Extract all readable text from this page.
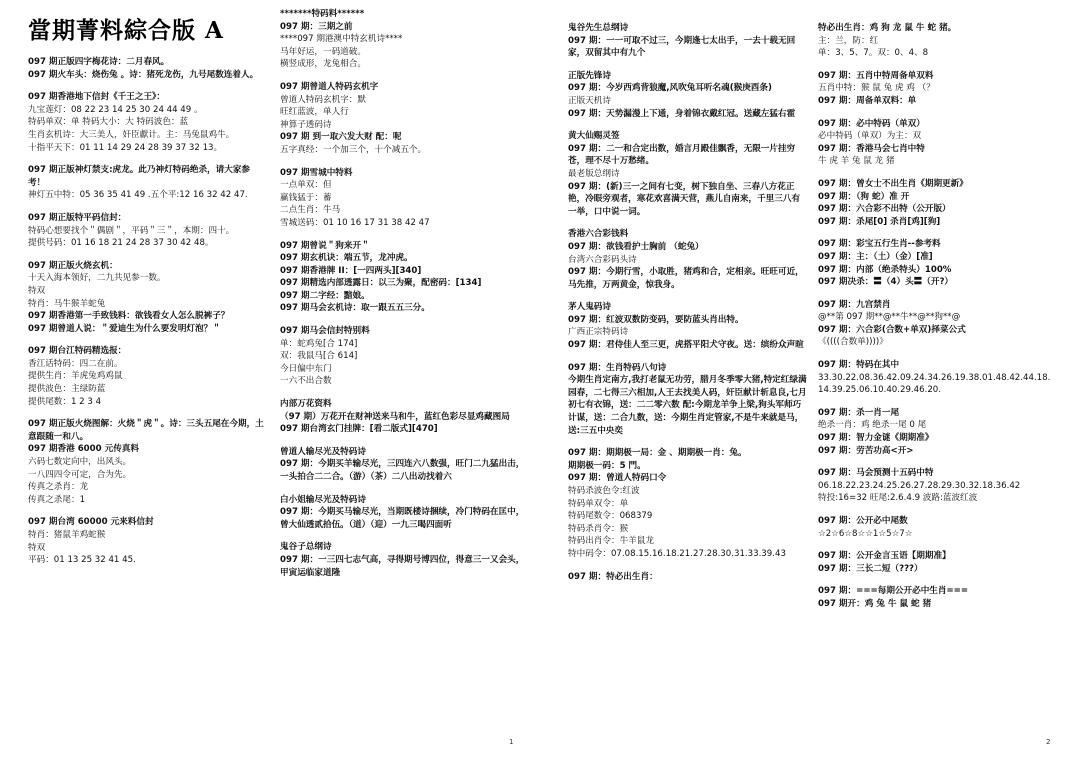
當期菁料綜合版 A
097 期正版四字梅花诗：二月春风。
097 期火车头：烧伤兔 。诗：猪死龙伤，九号尾数连着人。
097 期香港地下信封《千王之王》：
九宝莲灯：08 22 23 14 25 30 24 44 49 。
特码单双：单 特码大小：大 特码波色：蓝
生肖玄机诗：大三美人，奸臣獻计。主：马兔鼠鸡牛。
十指平天下：01 11 14 29 24 28 39 37 32 13。
097 期正版神灯禁支:虎龙。此乃神灯特码绝杀，请大家参考！
神灯五中特：05 36 35 41 49 .五个平:12 16 32 42 47.
097 期正版特平码信封：
特码心想要找个＂偶剧＂，平码＂三＂，本期：四十。
提供号码：01 16 18 21 24 28 37 30 42 48。
097 期正版火烧玄机：
十天入海本领好，二九共见参一数。
特双
特肖：马牛猴羊蛇兔
097 期香港第一手致钱料：欲钱看女人怎么脱裤子？
097 期曾道人说：＂爱迪生为什么要发明灯泡？＂
097 期台江特码精选报：
香江话特码：四二在前。
提供生肖：羊虎兔鸡鸡鼠
提供波色：主绿防蓝
提供尾数：1 2 3 4
097 期正版火烧图解：火烧＂虎＂。诗：三头五尾在今期，土意跟随一和八。
097 期香港 6000 元传真料
六码七数定向中，出风头。
一八四四令可定，合为先。
传真之杀肖：龙
传真之杀尾：1
097 期台湾 60000 元来料信封
特肖：猪鼠羊鸡蛇猴
特双
平码：01 13 25 32 41 45.
*******特码料******
097 期：三期之前
****097 期港澳中特玄机诗****
马年好运，一码道破。
横竖成形，龙兔相合。
097 期曾道人特码玄机字
曾道人特码玄机字：默
旺红蓝波，单人行
神算子透码诗
097 期 到一取六发大财 配：呢
五字真经：一个加三个，十个减五个。
097 期雪城中特料
一点单双：但
赢钱猛于：蓄
二点生肖：牛马
雪城送码：01 10 16 17 31 38 42 47
097 期曾说＂狗来开＂
097 期玄机诀：端五节，龙冲虎。
097 期香港牌 II：[一四两头][340]
097 期精选内部透露日：以三为聚，配密码：[134]
097 期二字经：黯娘。
097 期马会玄机诗：取一跟五五三分。
097 期马会信封特别料
单：蛇鸡兔[合 174]
双：我鼠马[合 614]
今日偏中东门
一六不出合数
内部万花资料
（97 期）万花开在财神送来马和牛，蓝红色彩尽显鸡藏图局
097 期台湾玄门挂牌：[看二版式][470]
曾道人输尽光及特码诗
097 期：今期买羊输尽光，三四连六八数强，旺门二九猛出击，一头拍合二二合。（游）（茶）二八出动找着六
白小姐输尽光及特码诗
097 期：今期买马输尽光，当期既楼诗捆续，冷门特码在匡中，曾大仙透贰拾伍。（道）（迎）一九三喝四面听
鬼谷子总纲诗
097 期：一三四七志气高，寻得期号博四位，得意三一又会头，甲寅运临家道隆
鬼谷先生总纲诗
097 期：一一可取不过三，今期逢七太出手，一去十载无回家，双留其中有九个
正版先锋诗
097 期：今岁西鸡背狼魔,风吹兔耳听名魂(猴庚酉条)
正版天机诗
097 期：天势漏漫上下通，身着锦衣戴红冠。送藏左猛右霍
黄大仙赐灵签
097 期：二一和合定出数，婚言月殿佳飘香，无限一片挂穷苍，理不尽十万愁绪。
最老版总纲诗
097 期：(新)三一之间有七变，树下独自坐、三春八方花正艳，冷眼旁观者，寒花欢喜满天营，燕儿自南来，千里三八有一举，口中说一词。
香港六合彩钱料
097 期：欲钱看护士胸前 （蛇兔）
台湾六合彩码头诗
097 期：今期行雪，小取胜，猪鸡和合，定相亲。旺旺可近，马先推，万两黄金，惊我身。
茅人鬼码诗
097 期：红波双数防变码，要防蓝头肖出特。
广西正宗特码诗
097 期：君侍佳人至三更，虎搭平阳犬守夜。送：缤纷众声暄
097 期：生肖特码八句诗
今期生肖定南方,我打老鼠无功劳，腊月冬季零大猪,特定红绿满园春，二七得三六相加,人王去找美人码，奸臣献计斩息良,七月初七有衣锦，送：二二零六数 配:今期龙羊争上梁,狗头军师巧计谋，送：二合九数，送：今期生肖定管家,不是牛来就是马，送:三五中央奕
097 期：期期极一局：金 、期期极一肖：兔。
期期极一码：5 門。
097 期：曾道人特码口令
特码杀波色令:红波
特码单双令：单
特码尾数令：068379
特码杀肖令：猴
特码出肖令：牛羊鼠龙
特中码令：07.08.15.16.18.21.27.28.30.31.33.39.43
097 期：特必出生肖：
特必出生肖：鸡 狗 龙 鼠 牛 蛇 猪。
主：兰，防：红
单：3、5、7。双：0、4、8
097 期：五肖中特周备单双料
五肖中特：猴 鼠 兔 虎 鸡 （？
097 期：周备单双料：单
097 期：必中特码（单双）
必中特码（单双）为主：双
097 期：香港马会七肖中特
牛 虎 羊 兔 鼠 龙 猪
097 期：曾女士不出生肖《期期更新》
097 期：（狗 蛇）准 开
097 期：六合彩不出特（公开版）
097 期：杀尾[0] 杀肖[鸡][狗]
097 期：彩宝五行生肖--参考料
097 期：主：（土）（金）[准]
097 期：内部（绝杀特头）100%
097 期决杀：〓（4）头〓（开?）
097 期：九宫禁肖
@**第 097 期**@**牛**@**狗**@
097 期：六合彩(合数+单双)择菜公式
《((((合数单))))》
097 期：特码在其中
33.30.22.08.36.42.09.24.34.26.19.38.01.48.42.44.18.14.39.25.06.10.40.29.46.20.
097 期：杀一肖一尾
绝杀一肖：鸡 绝杀一尾 0 尾
097 期：智力金谜《期期准》
097 期：劳苦功高<开>
097 期：马会预测十五码中特
06.18.22.23.24.25.26.27.28.29.30.32.18.36.42
特投:16=32 旺尾:2.6.4.9 波路:蓝波红波
097 期：公开必中尾数
☆2☆6☆8☆☆1☆5☆7☆
097 期：公开金言玉语【期期准】
097 期：三长二短（???）
097 期：===每期公开必中生肖===
097 期开：鸡 兔 牛 鼠 蛇 猪
1	2
